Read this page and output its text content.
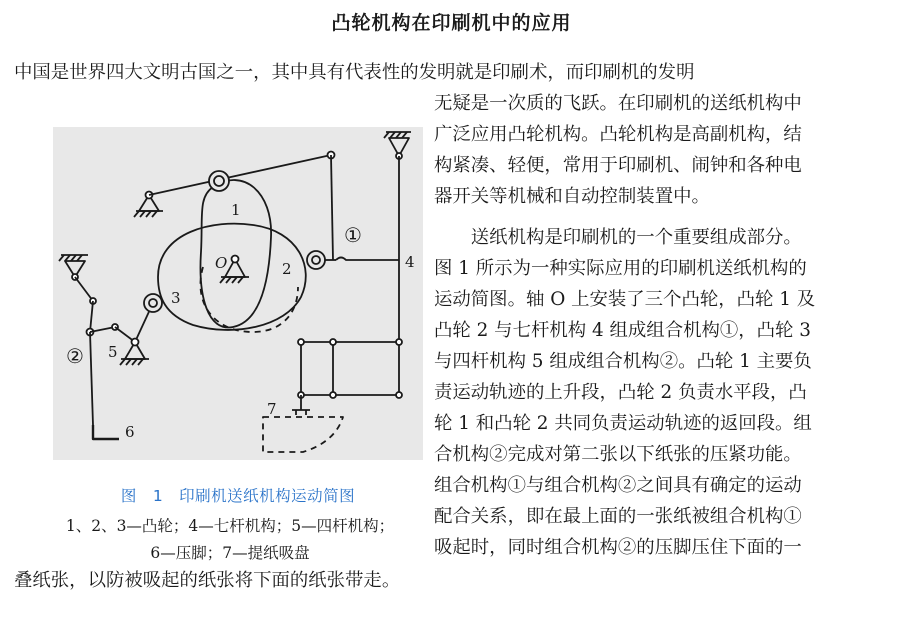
凸轮机构在印刷机中的应用
中国是世界四大文明古国之一，其中具有代表性的发明就是印刷术，而印刷机的发明
无疑是一次质的飞跃。在印刷机的送纸机构中
广泛应用凸轮机构。凸轮机构是高副机构，结
构紧凑、轻便，常用于印刷机、闹钟和各种电
器开关等机械和自动控制装置中。
　　送纸机构是印刷机的一个重要组成部分。
图 1 所示为一种实际应用的印刷机送纸机构的
运动简图。轴 O 上安装了三个凸轮，凸轮 1 及
凸轮 2 与七杆机构 4 组成组合机构①，凸轮 3
与四杆机构 5 组成组合机构②。凸轮 1 主要负
责运动轨迹的上升段，凸轮 2 负责水平段，凸
轮 1 和凸轮 2 共同负责运动轨迹的返回段。组
合机构②完成对第二张以下纸张的压紧功能。
组合机构①与组合机构②之间具有确定的运动
配合关系，即在最上面的一张纸被组合机构①
吸起时，同时组合机构②的压脚压住下面的一
叠纸张，以防被吸起的纸张将下面的纸张带走。
1
2
3
4
5
6
7
O
①
②
图　1　印刷机送纸机构运动简图
1、2、3—凸轮；4—七杆机构；5—四杆机构；
6—压脚；7—提纸吸盘
